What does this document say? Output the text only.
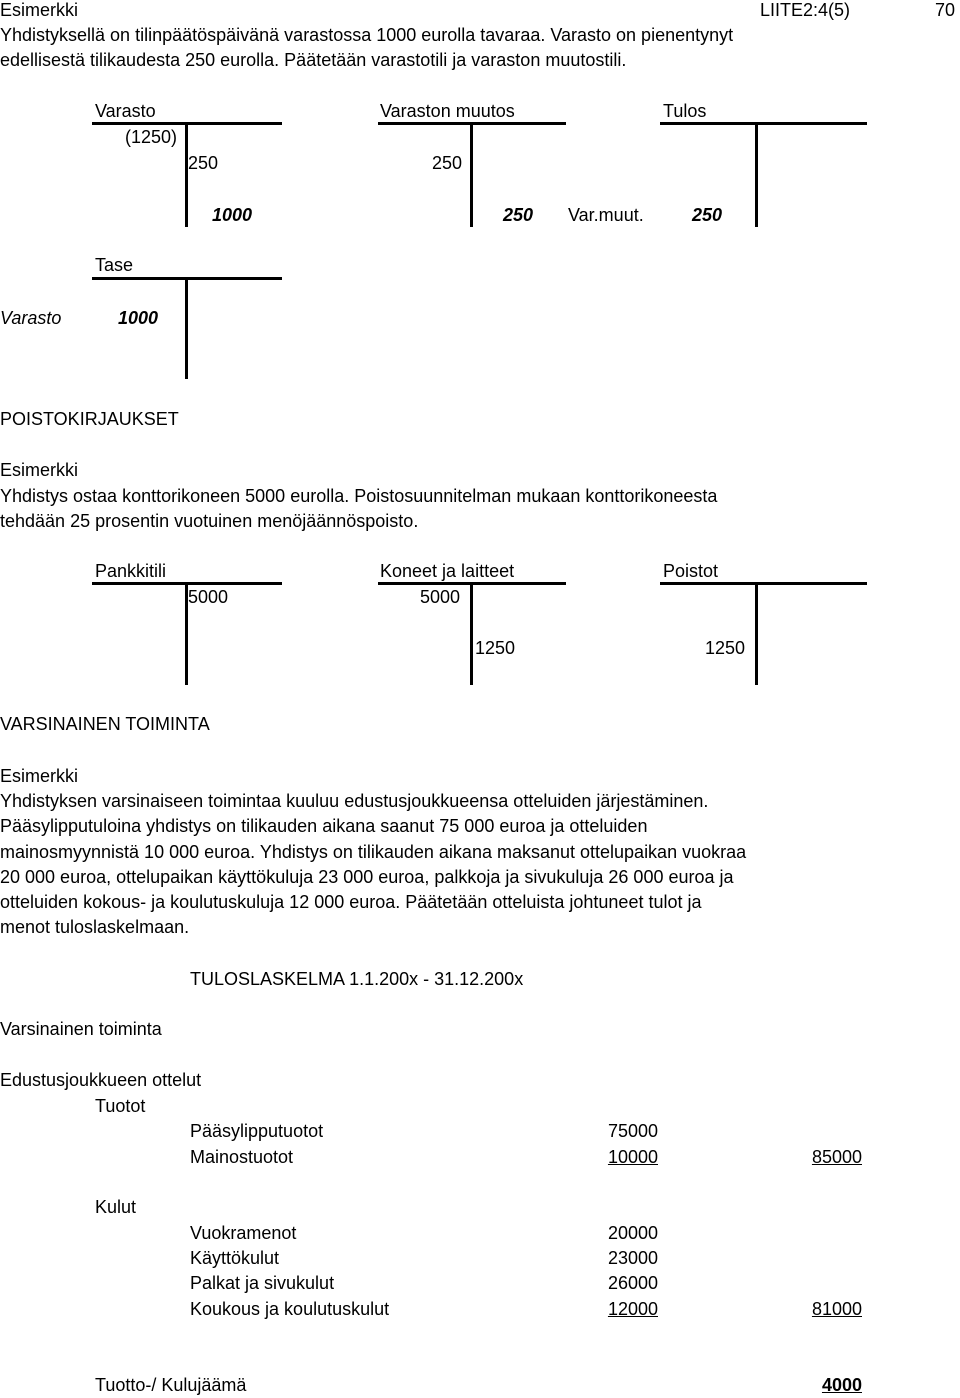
Esimerkki	LIITE2:4(5)	70
Yhdistyksellä on tilinpäätöspäivänä varastossa 1000 eurolla tavaraa. Varasto on pienentynyt
edellisestä tilikaudesta 250 eurolla. Päätetään varastotili ja varaston muutostili.
Varasto	Varaston muutos	Tulos
(1250)
250	250
1000	250 Var.muut.	250
Tase
Varasto	1000
POISTOKIRJAUKSET
Esimerkki
Yhdistys ostaa konttorikoneen 5000 eurolla. Poistosuunnitelman mukaan konttorikoneesta
tehdään 25 prosentin vuotuinen menöjäännöspoisto.
Pankkitili	Koneet ja laitteet	Poistot
5000	5000
1250	1250
VARSINAINEN TOIMINTA
Esimerkki
Yhdistyksen varsinaiseen toimintaa kuuluu edustusjoukkueensa otteluiden järjestäminen.
Pääsylipputuloina yhdistys on tilikauden aikana saanut 75 000 euroa ja otteluiden
mainosmyynnistä 10 000 euroa. Yhdistys on tilikauden aikana maksanut ottelupaikan vuokraa
20 000 euroa, ottelupaikan käyttökuluja 23 000 euroa, palkkoja ja sivukuluja 26 000 euroa ja
otteluiden kokous- ja koulutuskuluja 12 000 euroa. Päätetään otteluista johtuneet tulot ja
menot tuloslaskelmaan.
TULOSLASKELMA 1.1.200x - 31.12.200x
Varsinainen toiminta
Edustusjoukkueen ottelut
Tuotot
Pääsylipputuotot	75000
Mainostuotot	10000	85000
Kulut
Vuokramenot	20000
Käyttökulut	23000
Palkat ja sivukulut	26000
Koukous ja koulutuskulut	12000	81000
Tuotto-/ Kulujäämä	4000
